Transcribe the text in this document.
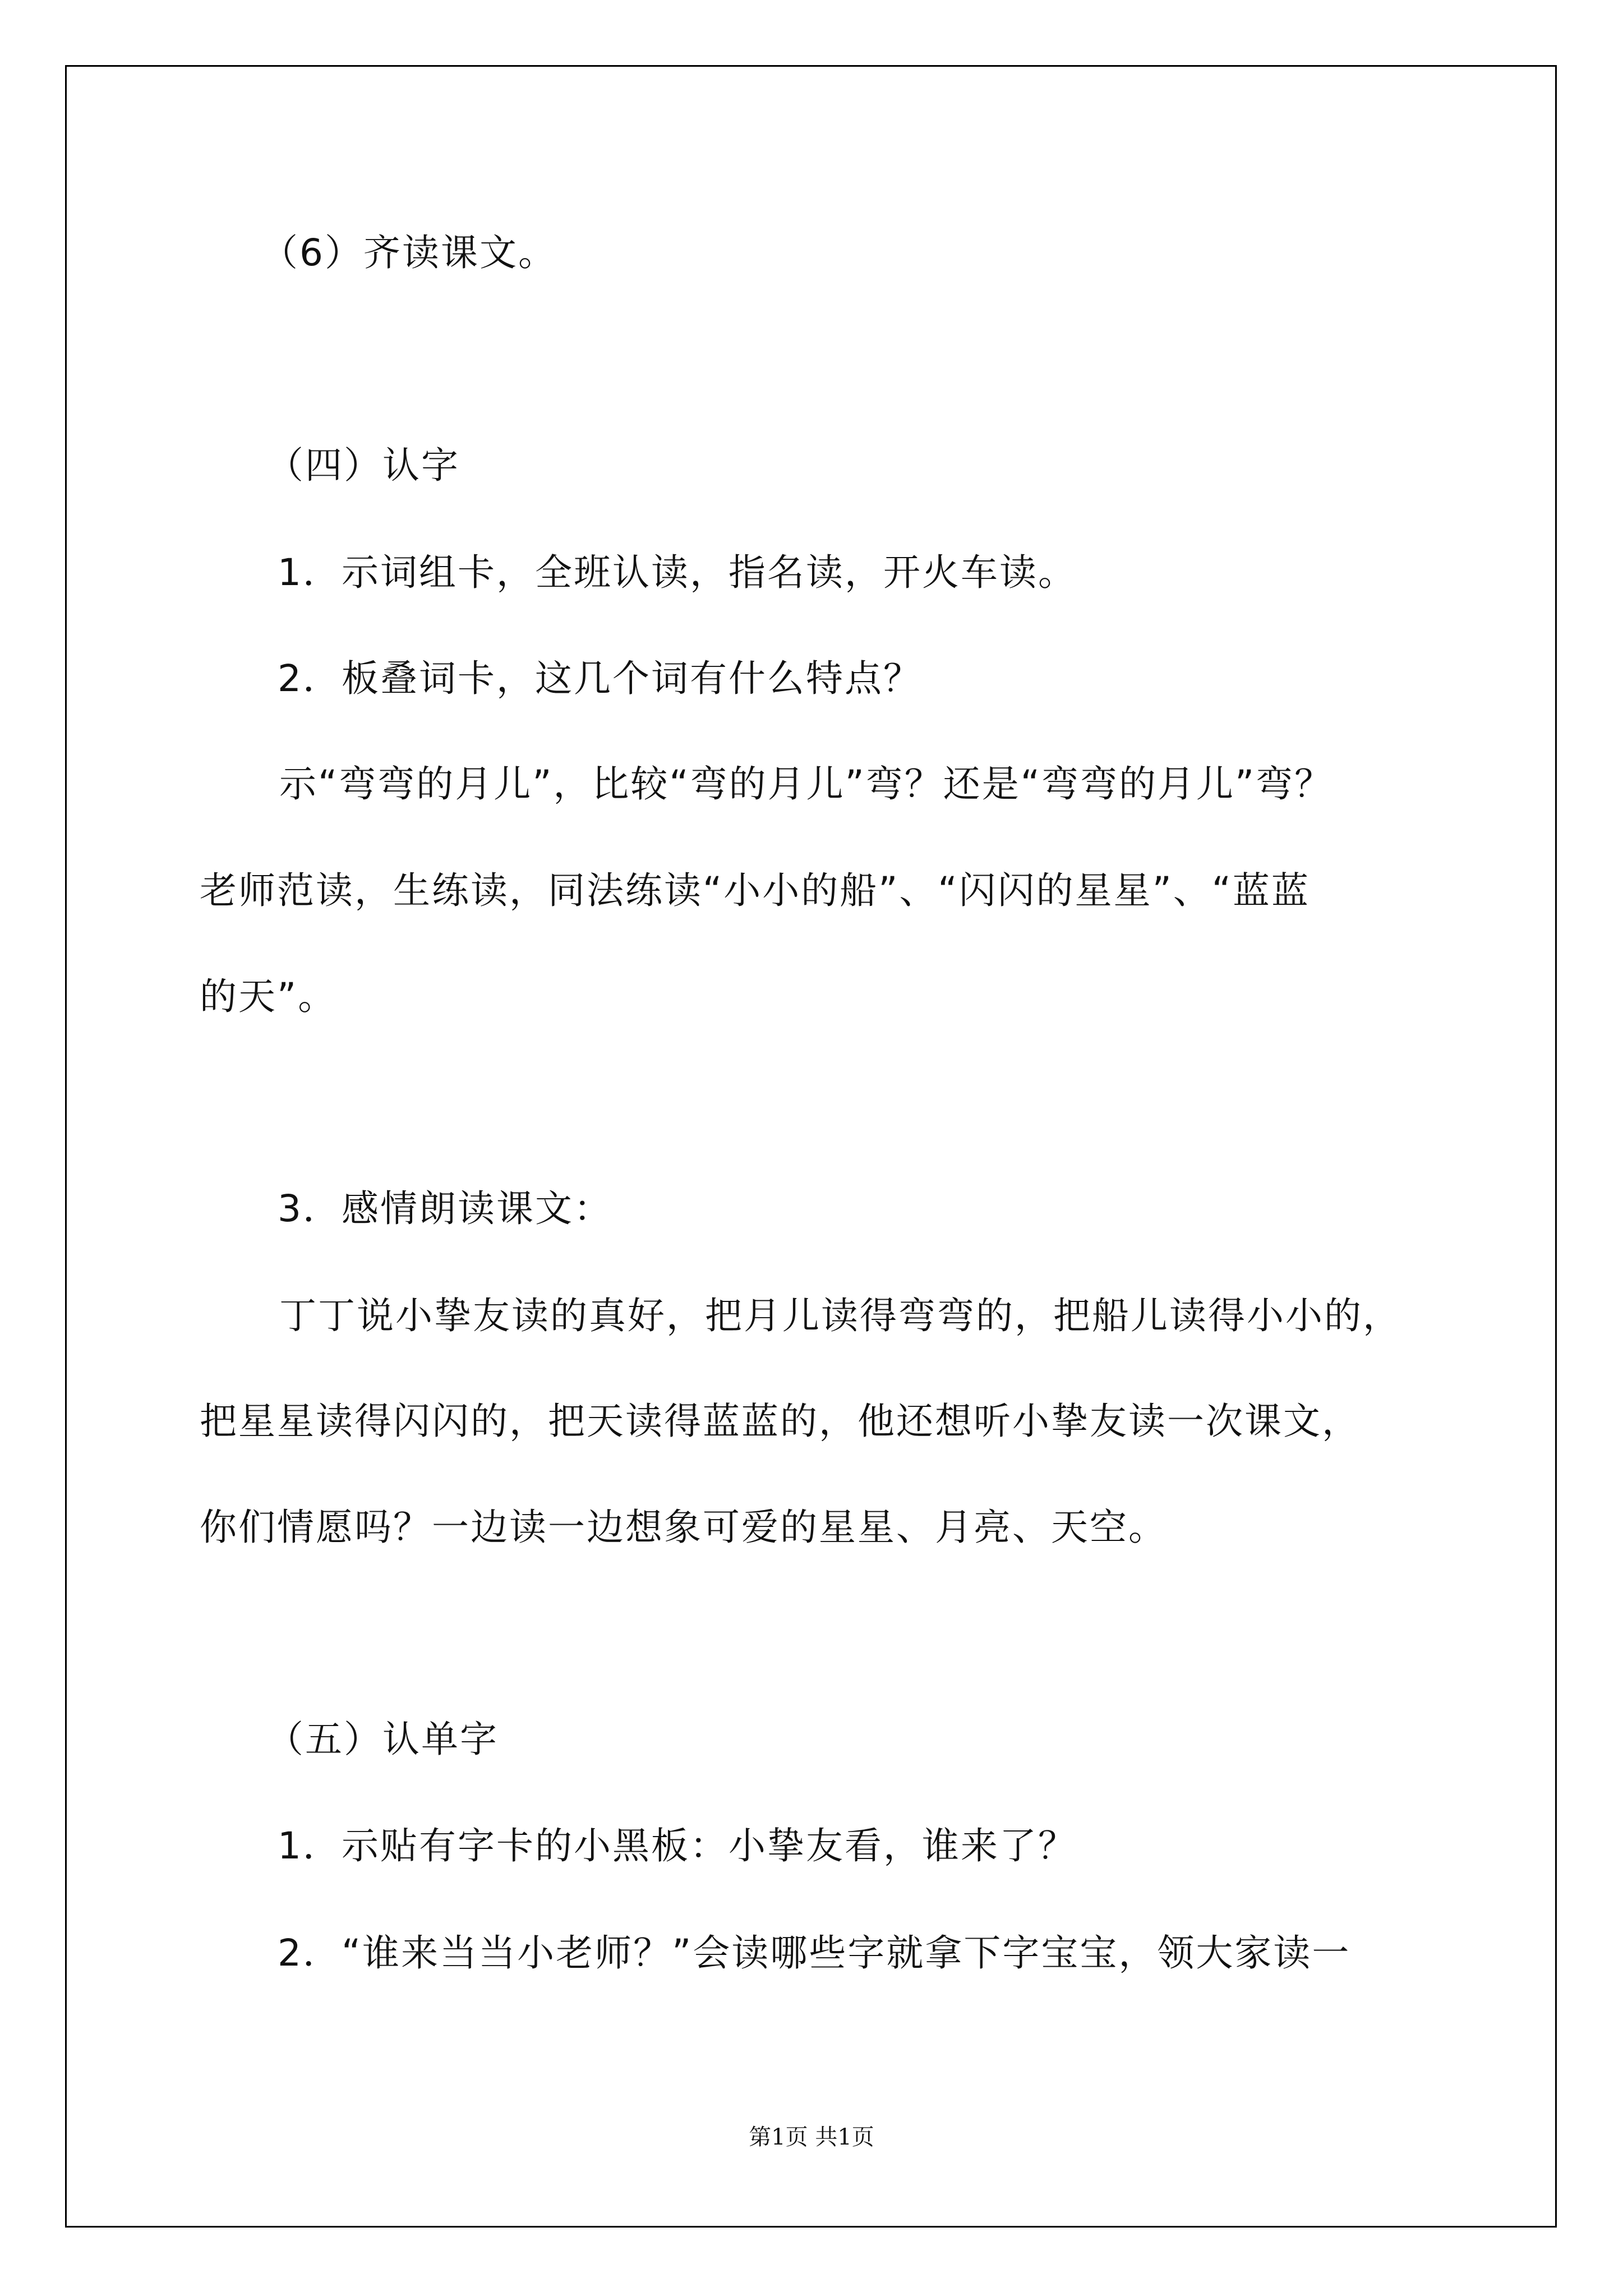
（6）齐读课文。
（四）认字
1．示词组卡，全班认读，指名读，开火车读。
2．板叠词卡，这几个词有什么特点？
示“弯弯的月儿”，比较“弯的月儿”弯？还是“弯弯的月儿”弯？
老师范读，生练读，同法练读“小小的船”、“闪闪的星星”、“蓝蓝
的天”。
3．感情朗读课文：
丁丁说小挚友读的真好，把月儿读得弯弯的，把船儿读得小小的，
把星星读得闪闪的，把天读得蓝蓝的，他还想听小挚友读一次课文，
你们情愿吗？一边读一边想象可爱的星星、月亮、天空。
（五）认单字
1．示贴有字卡的小黑板：小挚友看，谁来了？
2．“谁来当当小老师？”会读哪些字就拿下字宝宝，领大家读一
第1页 共1页
